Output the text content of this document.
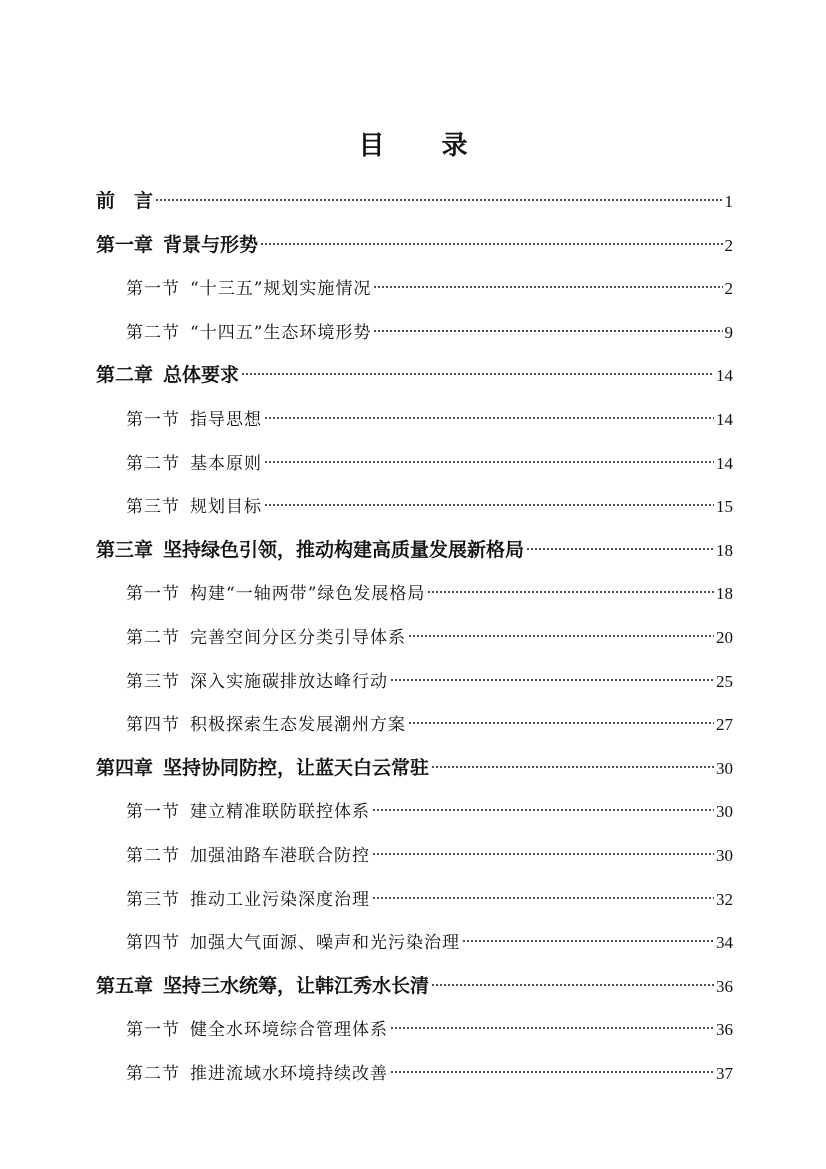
目 录
前　言	1
第一章 背景与形势	2
第一节 “十三五”规划实施情况	2
第二节 “十四五”生态环境形势	9
第二章 总体要求	14
第一节 指导思想	14
第二节 基本原则	14
第三节 规划目标	15
第三章 坚持绿色引领，推动构建高质量发展新格局	18
第一节 构建“一轴两带”绿色发展格局	18
第二节 完善空间分区分类引导体系	20
第三节 深入实施碳排放达峰行动	25
第四节 积极探索生态发展潮州方案	27
第四章 坚持协同防控，让蓝天白云常驻	30
第一节 建立精准联防联控体系	30
第二节 加强油路车港联合防控	30
第三节 推动工业污染深度治理	32
第四节 加强大气面源、噪声和光污染治理	34
第五章 坚持三水统筹，让韩江秀水长清	36
第一节 健全水环境综合管理体系	36
第二节 推进流域水环境持续改善	37
